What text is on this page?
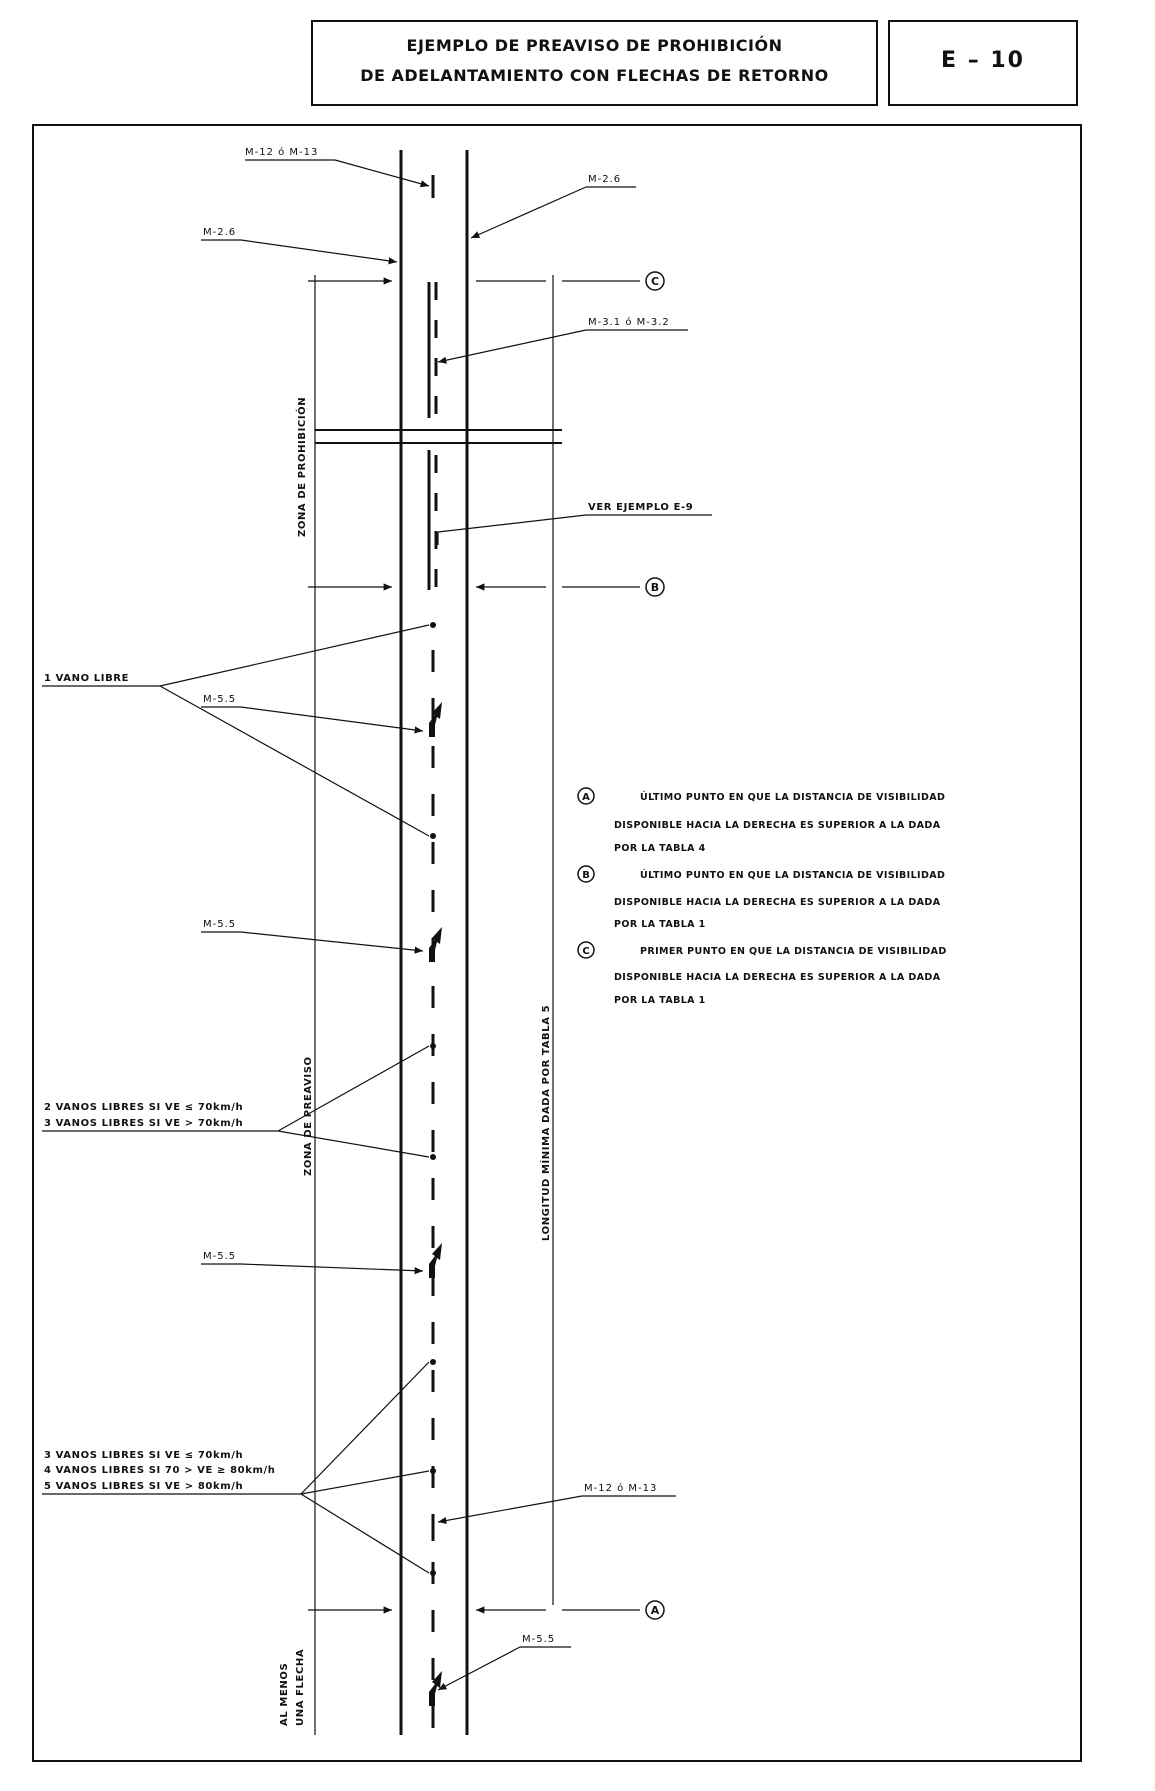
EJEMPLO DE PREAVISO DE PROHIBICIÓN
DE ADELANTAMIENTO CON FLECHAS DE RETORNO
E – 10
C
B
A
M-12 ó M-13
M-2.6
M-2.6
M-3.1 ó M-3.2
VER EJEMPLO E-9
1 VANO LIBRE
M-5.5
M-5.5
2 VANOS LIBRES SI VE ≤ 70km/h
3 VANOS LIBRES SI VE > 70km/h
M-5.5
3 VANOS LIBRES SI VE ≤ 70km/h
4 VANOS LIBRES SI 70 > VE ≥ 80km/h
5 VANOS LIBRES SI VE > 80km/h	M-12 ó M-13
M-5.5
ZONA DE PROHIBICIÓN
ZONA DE PREAVISO	LONGITUD MÍNIMA DADA POR TABLA 5
AL MENOS UNA FLECHA
A	ÚLTIMO PUNTO EN QUE LA DISTANCIA DE VISIBILIDAD
DISPONIBLE HACIA LA DERECHA ES SUPERIOR A LA DADA
POR LA TABLA 4
B	ÚLTIMO PUNTO EN QUE LA DISTANCIA DE VISIBILIDAD
DISPONIBLE HACIA LA DERECHA ES SUPERIOR A LA DADA
POR LA TABLA 1
C	PRIMER PUNTO EN QUE LA DISTANCIA DE VISIBILIDAD
DISPONIBLE HACIA LA DERECHA ES SUPERIOR A LA DADA
POR LA TABLA 1
